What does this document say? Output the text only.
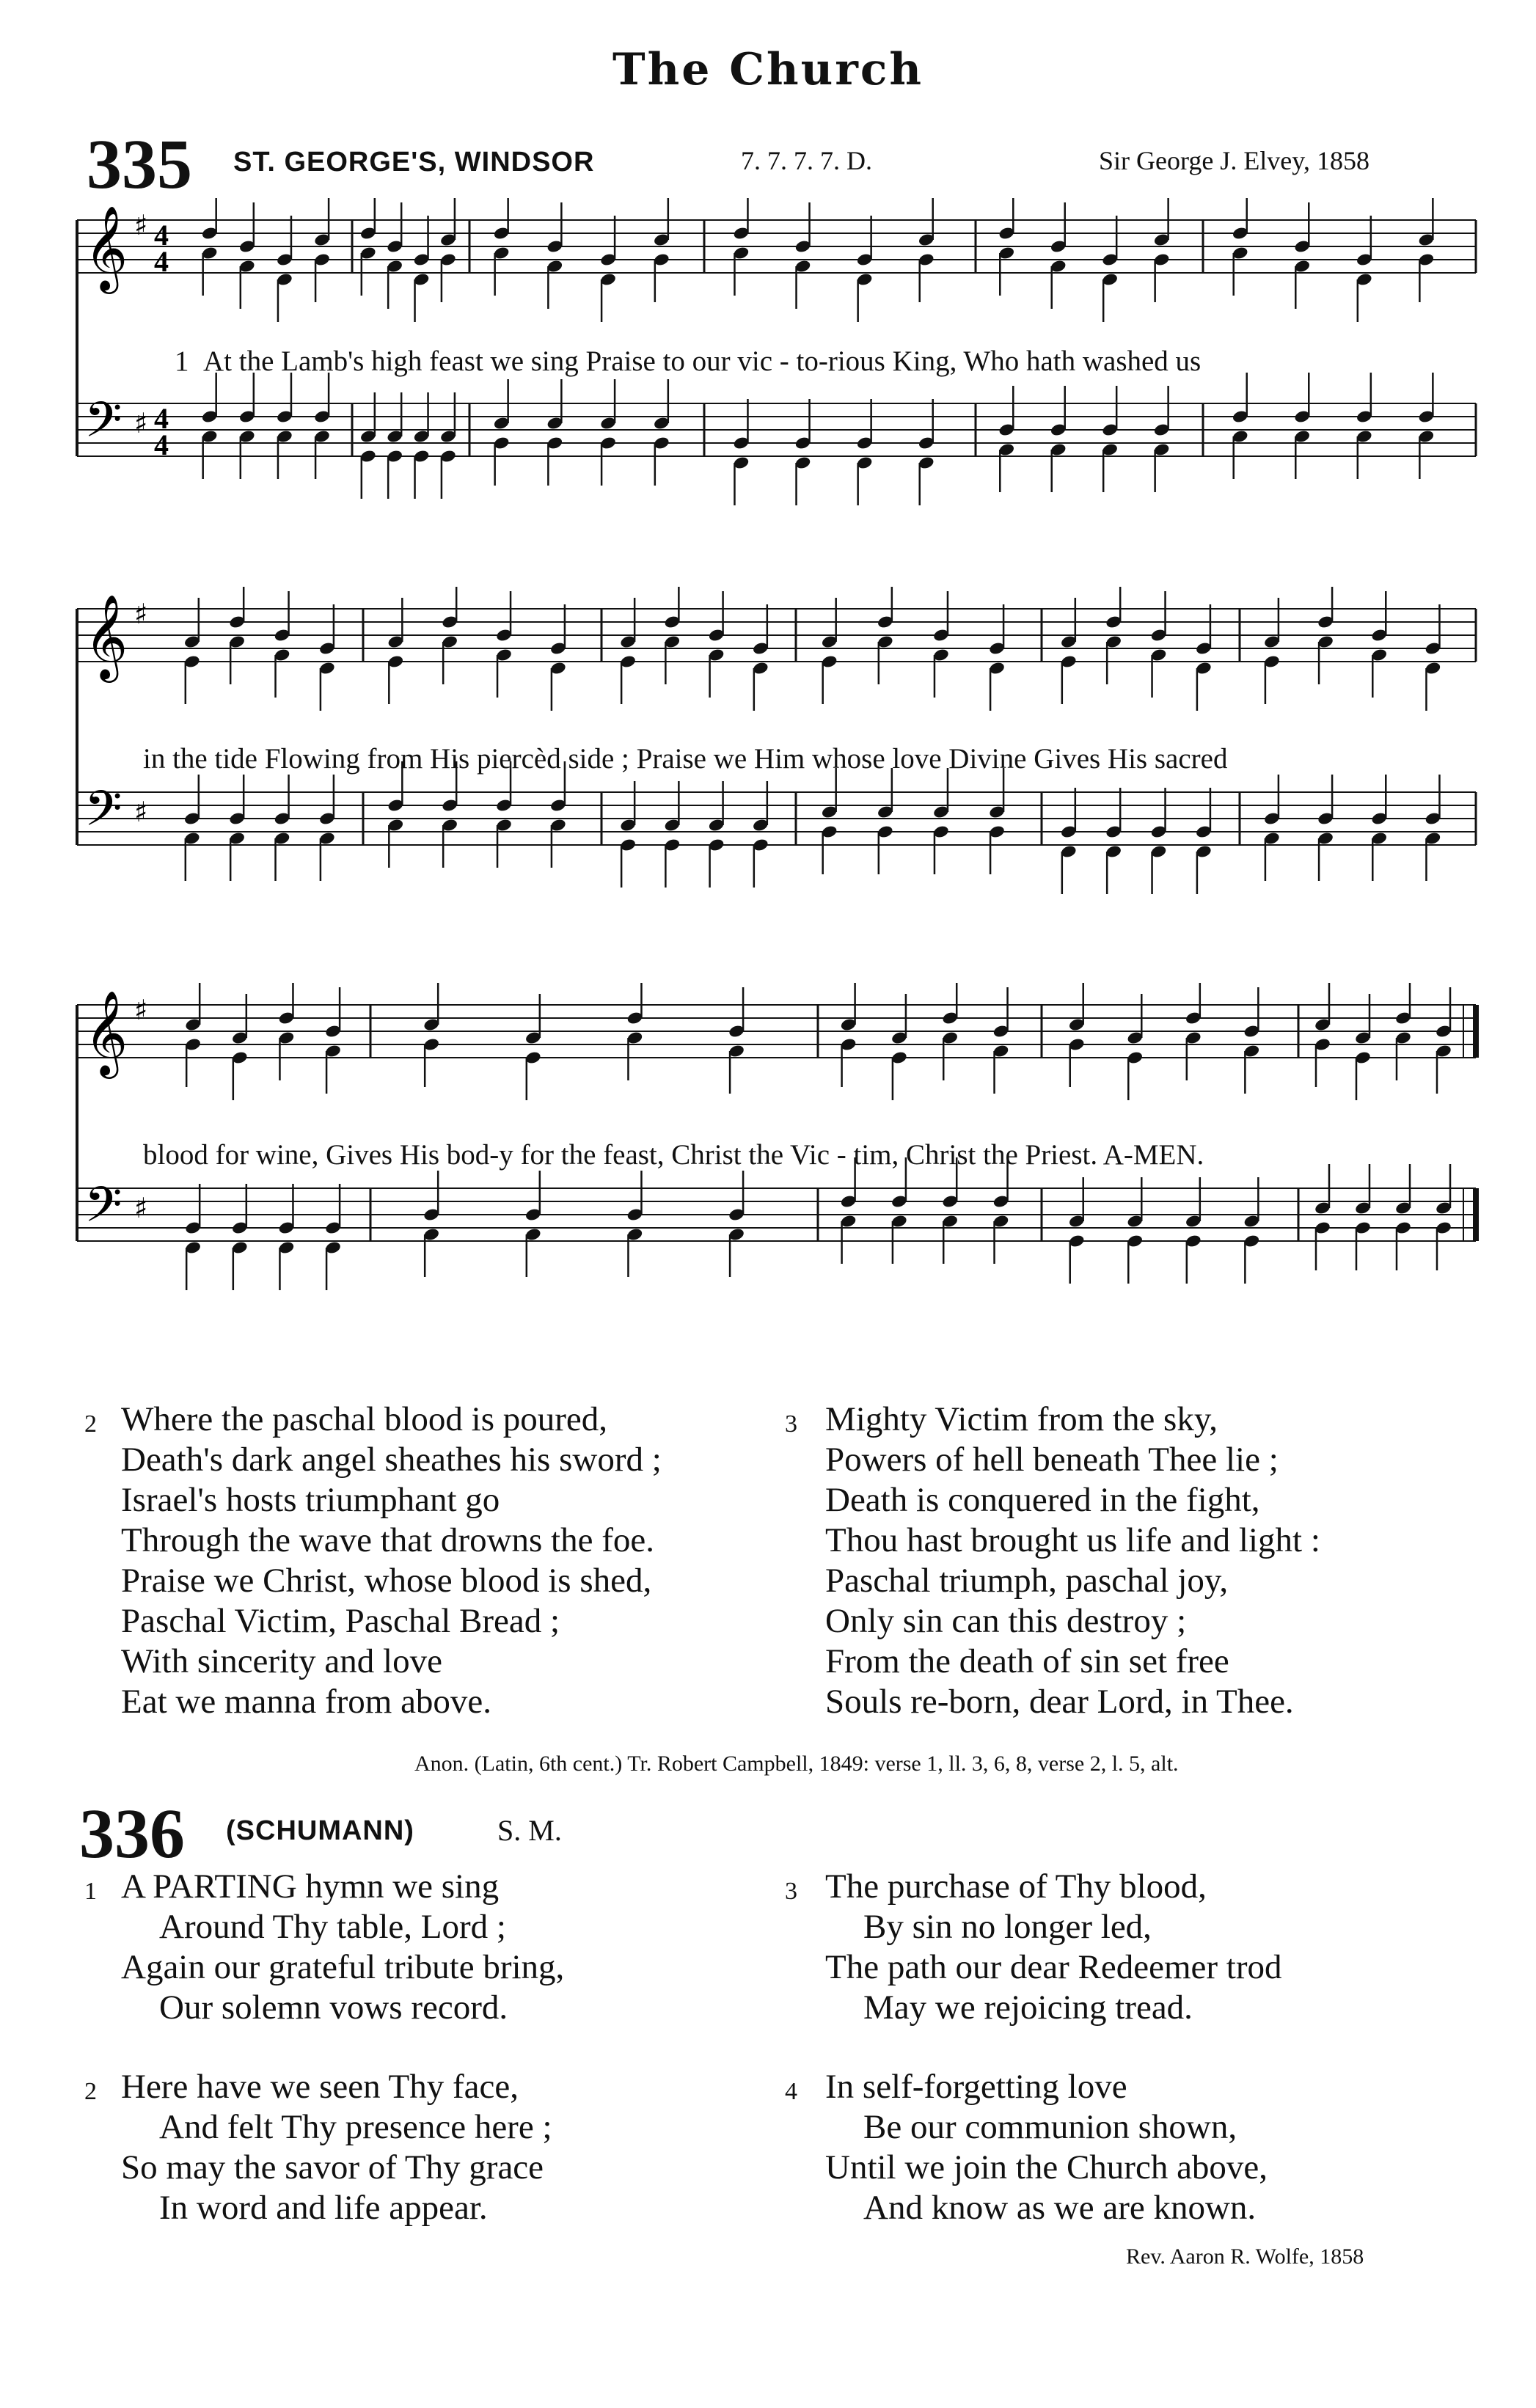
The Church
335 ST. GEORGE'S, WINDSOR	7. 7. 7. 7. D.	Sir George J. Elvey, 1858
𝄞
𝄢
♯
♯
4
4
4
4
1 At the Lamb's high feast we sing Praise to our vic - to-rious King, Who hath washed us
𝄞
𝄢
♯
♯
in the tide Flowing from His piercèd side ; Praise we Him whose love Divine Gives His sacred
𝄞
𝄢
♯
♯
blood for wine, Gives His bod-y for the feast, Christ the Vic - tim, Christ the Priest. A-MEN.
2 Where the paschal blood is poured,
Death's dark angel sheathes his sword ;
Israel's hosts triumphant go
Through the wave that drowns the foe.
Praise we Christ, whose blood is shed,
Paschal Victim, Paschal Bread ;
With sincerity and love
Eat we manna from above.
3 Mighty Victim from the sky,
Powers of hell beneath Thee lie ;
Death is conquered in the fight,
Thou hast brought us life and light :
Paschal triumph, paschal joy,
Only sin can this destroy ;
From the death of sin set free
Souls re-born, dear Lord, in Thee.
Anon. (Latin, 6th cent.) Tr. Robert Campbell, 1849: verse 1, ll. 3, 6, 8, verse 2, l. 5, alt.
336 (SCHUMANN)	S. M.
1 A PARTING hymn we sing
Around Thy table, Lord ;
Again our grateful tribute bring,
Our solemn vows record.
3 The purchase of Thy blood,
By sin no longer led,
The path our dear Redeemer trod
May we rejoicing tread.
2 Here have we seen Thy face,
And felt Thy presence here ;
So may the savor of Thy grace
In word and life appear.
4 In self-forgetting love
Be our communion shown,
Until we join the Church above,
And know as we are known.
Rev. Aaron R. Wolfe, 1858
